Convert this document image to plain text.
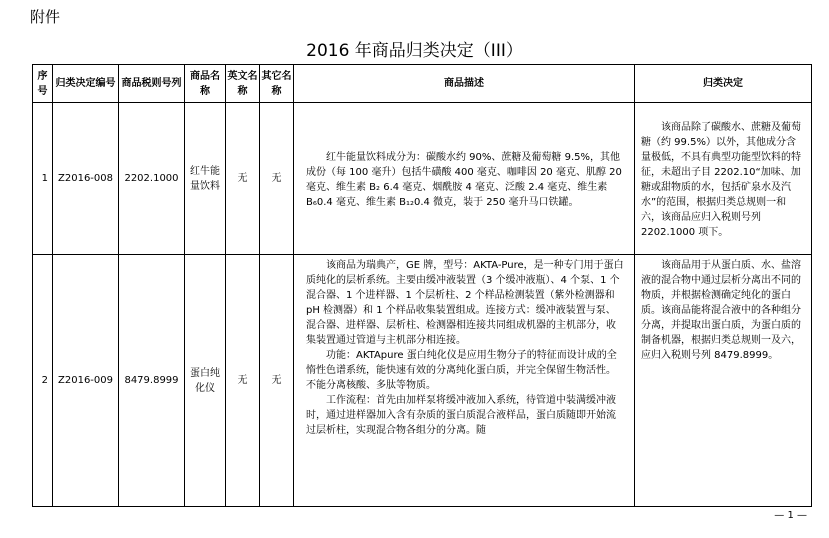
附件
2016 年商品归类决定（III）
序号	归类决定编号	商品税则号列	商品名称	英文名称	其它名称	商品描述	归类决定
1	Z2016-008	2202.1000	红牛能量饮料	无	无	红牛能量饮料成分为：碳酸水约 90%、蔗糖及葡萄糖 9.5%，其他成份（每 100 毫升）包括牛磺酸 400 毫克、咖啡因 20 毫克、肌醇 20 毫克、维生素 B₂ 6.4 毫克、烟酰胺 4 毫克、泛酸 2.4 毫克、维生素 B₆0.4 毫克、维生素 B₁₂0.4 微克，装于 250 毫升马口铁罐。	该商品除了碳酸水、蔗糖及葡萄糖（约 99.5%）以外，其他成分含量极低，不具有典型功能型饮料的特征，未超出子目 2202.10“加味、加糖或甜物质的水，包括矿泉水及汽水”的范围，根据归类总规则一和六，该商品应归入税则号列 2202.1000 项下。

2	Z2016-009	8479.8999	蛋白纯化仪	无	无	该商品为瑞典产，GE 牌，型号：AKTA-Pure，是一种专门用于蛋白质纯化的层析系统。主要由缓冲液装置（3 个缓冲液瓶）、4 个泵、1 个混合器、1 个进样器、1 个层析柱、2 个样品检测装置（紫外检测器和 pH 检测器）和 1 个样品收集装置组成。连接方式：缓冲液装置与泵、混合器、进样器、层析柱、检测器相连接共同组成机器的主机部分，收集装置通过管道与主机部分相连接。

功能：AKTApure 蛋白纯化仪是应用生物分子的特征而设计成的全惰性色谱系统，能快速有效的分离纯化蛋白质，并完全保留生物活性。不能分离核酸、多肽等物质。

工作流程：首先由加样泵将缓冲液加入系统，待管道中装满缓冲液时，通过进样器加入含有杂质的蛋白质混合液样品，蛋白质随即开始流过层析柱，实现混合物各组分的分离。随	该商品用于从蛋白质、水、盐溶液的混合物中通过层析分离出不同的物质，并根据检测确定纯化的蛋白质。该商品能将混合液中的各种组分分离，并提取出蛋白质，为蛋白质的制备机器，根据归类总规则一及六，应归入税则号列 8479.8999。

— 1 —
